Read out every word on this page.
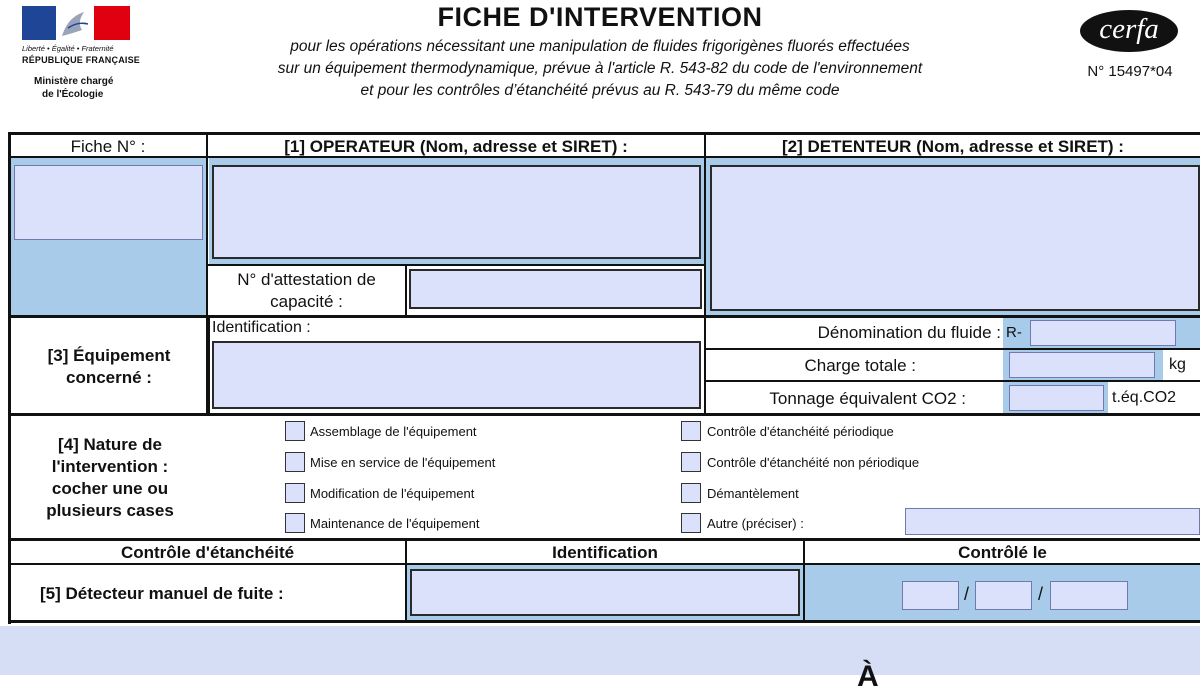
Liberté • Égalité • Fraternité
RÉPUBLIQUE FRANÇAISE
Ministère chargé
de l'Écologie
FICHE D'INTERVENTION
pour les opérations nécessitant une manipulation de fluides frigorigènes fluorés effectuées
sur un équipement thermodynamique, prévue à l'article R. 543-82 du code de l'environnement
et pour les contrôles d’étanchéité prévus au R. 543-79 du même code
cerfa
N° 15497*04
Fiche N° :	[1] OPERATEUR (Nom, adresse et SIRET) :	[2] DETENTEUR (Nom, adresse et SIRET) :
N° d'attestation de
capacité :
[3] Équipement
concerné :
Identification :	Dénomination du fluide : R-
Charge totale :	kg
Tonnage équivalent CO2 :	t.éq.CO2
[4] Nature de
l'intervention :
cocher une ou
plusieurs cases
Assemblage de l'équipement
Mise en service de l'équipement
Modification de l'équipement
Maintenance de l'équipement
Contrôle d'étanchéité périodique
Contrôle d'étanchéité non périodique
Démantèlement
Autre (préciser) :
Contrôle d'étanchéité	Identification	Contrôlé le
[5] Détecteur manuel de fuite :	/	/
À
